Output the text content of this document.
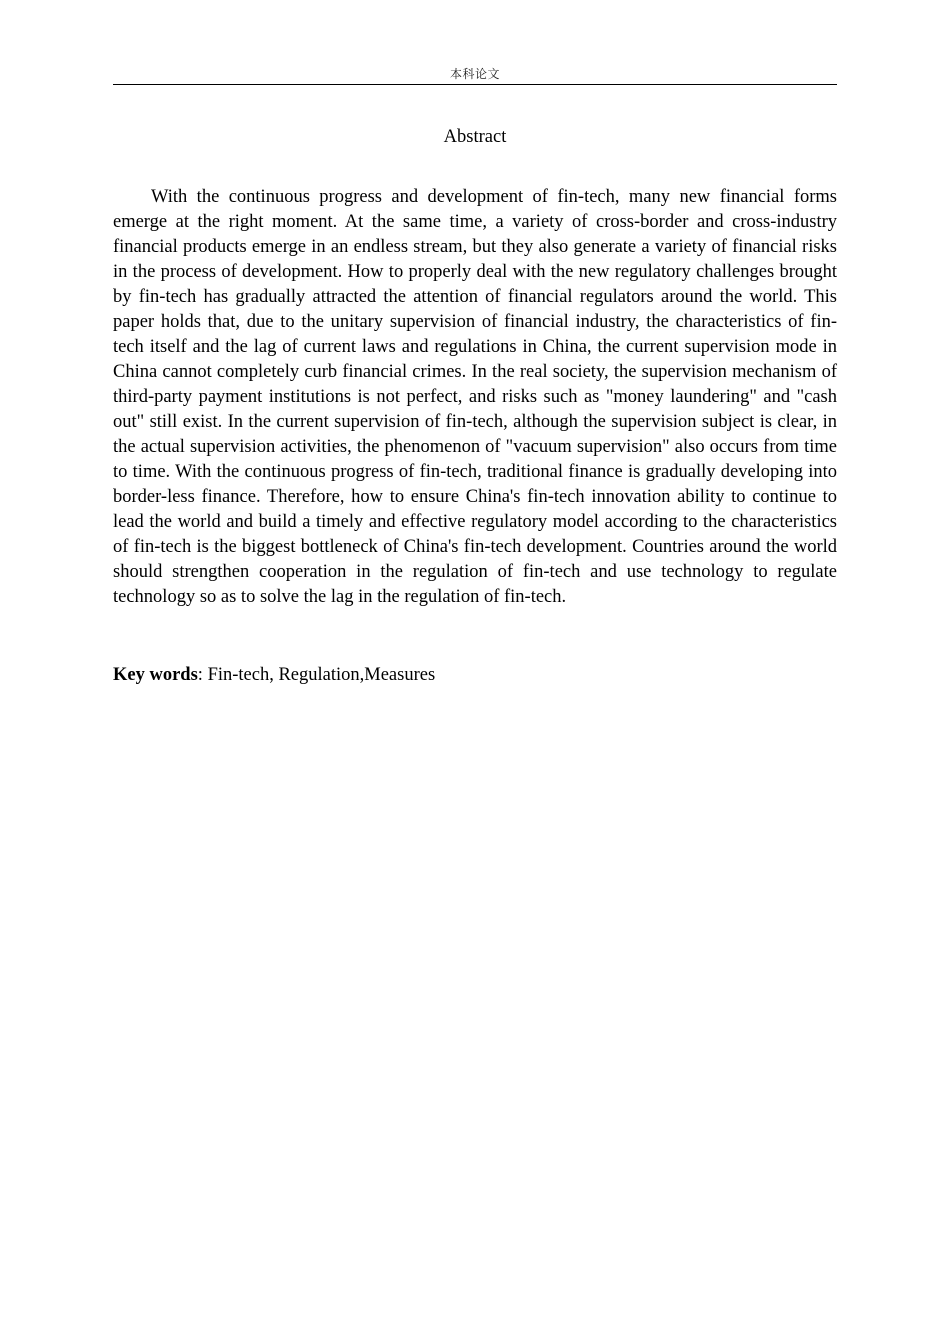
本科论文
Abstract

With the continuous progress and development of fin-tech, many new financial forms emerge at the right moment. At the same time, a variety of cross-border and cross-industry financial products emerge in an endless stream, but they also generate a variety of financial risks in the process of development. How to properly deal with the new regulatory challenges brought by fin-tech has gradually attracted the attention of financial regulators around the world. This paper holds that, due to the unitary supervision of financial industry, the characteristics of fin-tech itself and the lag of current laws and regulations in China, the current supervision mode in China cannot completely curb financial crimes. In the real society, the supervision mechanism of third-party payment institutions is not perfect, and risks such as "money laundering" and "cash out" still exist. In the current supervision of fin-tech, although the supervision subject is clear, in the actual supervision activities, the phenomenon of "vacuum supervision" also occurs from time to time. With the continuous progress of fin-tech, traditional finance is gradually developing into border-less finance. Therefore, how to ensure China's fin-tech innovation ability to continue to lead the world and build a timely and effective regulatory model according to the characteristics of fin-tech is the biggest bottleneck of China's fin-tech development. Countries around the world should strengthen cooperation in the regulation of fin-tech and use technology to regulate technology so as to solve the lag in the regulation of fin-tech.

Key words: Fin-tech, Regulation,Measures
